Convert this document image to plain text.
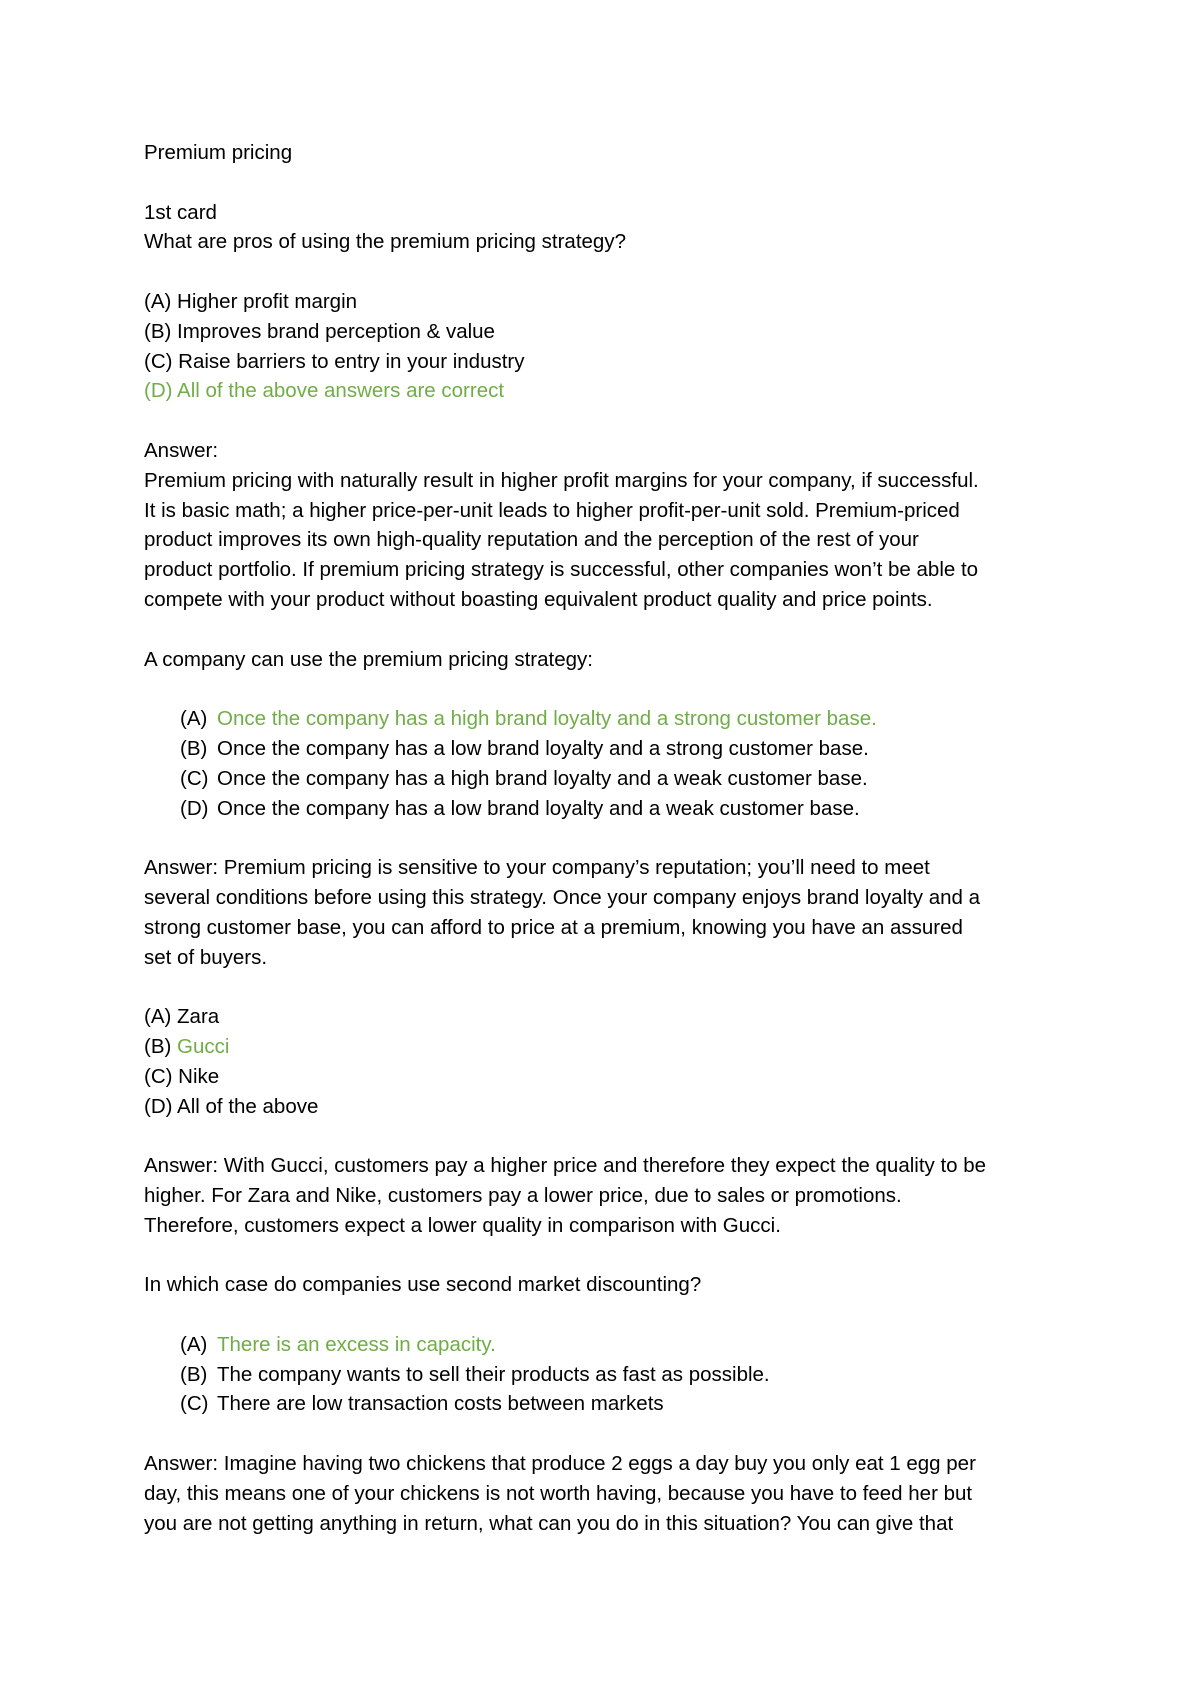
Premium pricing
1st card
What are pros of using the premium pricing strategy?
(A) Higher profit margin
(B) Improves brand perception & value
(C) Raise barriers to entry in your industry
(D) All of the above answers are correct
Answer:
Premium pricing with naturally result in higher profit margins for your company, if successful.
It is basic math; a higher price-per-unit leads to higher profit-per-unit sold. Premium-priced
product improves its own high-quality reputation and the perception of the rest of your
product portfolio. If premium pricing strategy is successful, other companies won’t be able to
compete with your product without boasting equivalent product quality and price points.
A company can use the premium pricing strategy:
(A) Once the company has a high brand loyalty and a strong customer base.
(B) Once the company has a low brand loyalty and a strong customer base.
(C) Once the company has a high brand loyalty and a weak customer base.
(D) Once the company has a low brand loyalty and a weak customer base.
Answer: Premium pricing is sensitive to your company’s reputation; you’ll need to meet
several conditions before using this strategy. Once your company enjoys brand loyalty and a
strong customer base, you can afford to price at a premium, knowing you have an assured
set of buyers.
(A) Zara
(B) Gucci
(C) Nike
(D) All of the above
Answer: With Gucci, customers pay a higher price and therefore they expect the quality to be
higher. For Zara and Nike, customers pay a lower price, due to sales or promotions.
Therefore, customers expect a lower quality in comparison with Gucci.
In which case do companies use second market discounting?
(A) There is an excess in capacity.
(B) The company wants to sell their products as fast as possible.
(C) There are low transaction costs between markets
Answer: Imagine having two chickens that produce 2 eggs a day buy you only eat 1 egg per
day, this means one of your chickens is not worth having, because you have to feed her but
you are not getting anything in return, what can you do in this situation? You can give that
